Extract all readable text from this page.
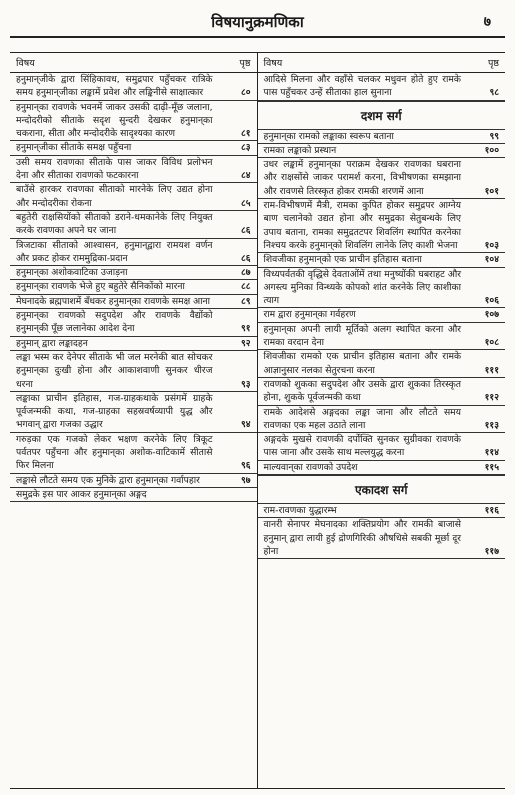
विषयानुक्रमणिका	७
विषय	पृष्ठ
हनुमान्‌जीके द्वारा सिंहिकावध, समुद्रपार पहुँचकर रात्रिके समय हनुमान्‌जीका लङ्कामें प्रवेश और लङ्किनीसे साक्षात्कार	८०
हनुमान्‌का रावणके भवनमें जाकर उसकी दाढ़ी-मूँछ जलाना, मन्दोदरीको सीताके सदृश सुन्दरी देखकर हनुमान्‌का चकराना, सीता और मन्दोदरीके सादृश्यका कारण	८१
हनुमान्‌जीका सीताके समक्ष पहुँचना	८३
उसी समय रावणका सीताके पास जाकर विविध प्रलोभन देना और सीताका रावणको फटकारना	८४
बाउँसे हारकर रावणका सीताको मारनेके लिए उद्यत होना और मन्दोदरीका रोकना	८५
बहुतेरी राक्षसियोंको सीताको डराने-धमकानेके लिए नियुक्त करके रावणका अपने घर जाना	८६
त्रिजटाका सीताको आश्वासन, हनुमान्‌द्वारा रामयश वर्णन और प्रकट होकर राममुद्रिका-प्रदान	८६
हनुमान्‌का अशोकवाटिका उजाड़ना	८७
हनुमान्‌का रावणके भेजे हुए बहुतेरे सैनिकोंको मारना	८८
मेघनादके ब्रह्मपाशमें बँधकर हनुमान्‌का रावणके समक्ष आना	८९
हनुमान्‌का रावणको सदुपदेश और रावणके वैद्योंको हनुमान्‌की पूँछ जलानेका आदेश देना	९१
हनुमान्‌ द्वारा लङ्कादहन	९२
लङ्का भस्म कर देनेपर सीताके भी जल मरनेकी बात सोचकर हनुमान्‌का दुःखी होना और आकाशवाणी सुनकर धीरज धरना	९३
लङ्काका प्राचीन इतिहास, गज-ग्राहकथाके प्रसंगमें ग्राहके पूर्वजन्मकी कथा, गज-ग्राहका सहस्रवर्षव्यापी युद्ध और भगवान्‌ द्वारा गजका उद्धार	९४
गरुड़का एक गजको लेकर भक्षण करनेके लिए त्रिकूट पर्वतपर पहुँचना और हनुमान्‌का अशोक-वाटिकामें सीतासे फिर मिलना	९६
लङ्कासे लौटते समय एक मुनिके द्वारा हनुमान्‌का गर्वापहार	९७
समुद्रके इस पार आकर हनुमान्‌का अङ्गद
विषय	पृष्ठ
आदिसे मिलना और वहाँसे चलकर मधुवन होते हुए रामके पास पहुँचकर उन्हें सीताका हाल सुनाना	९८
दशम सर्ग
हनुमान्‌का रामको लङ्काका स्वरूप बताना	९९
रामका लङ्काको प्रस्थान	१००
उधर लङ्कामें हनुमान्‌का पराक्रम देखकर रावणका घबराना और राक्षसोंसे जाकर परामर्श करना, विभीषणका समझाना और रावणसे तिरस्कृत होकर रामकी शरणमें आना	१०१
राम-विभीषणमें मैत्री, रामका कुपित होकर समुद्रपर आग्नेय बाण चलानेको उद्यत होना और समुद्रका सेतुबन्धके लिए उपाय बताना, रामका समुद्रतटपर शिवलिंग स्थापित करनेका निश्चय करके हनुमान्‌को शिवलिंग लानेके लिए काशी भेजना	१०३
शिवजीका हनुमान्‌को एक प्राचीन इतिहास बताना	१०४
विध्यपर्वतकी वृद्धिसे देवताओंमें तथा मनुष्योंकी घबराहट और अगस्त्य मुनिका विन्ध्यके कोपको शांत करनेके लिए काशीका त्याग	१०६
राम द्वारा हनुमान्‌का गर्वहरण	१०७
हनुमान्‌का अपनी लायी मूर्तिको अलग स्थापित करना और रामका वरदान देना	१०८
शिवजीका रामको एक प्राचीन इतिहास बताना और रामके आज्ञानुसार नलका सेतुरचना करना	१११
रावणको शुकका सदुपदेश और उसके द्वारा शुकका तिरस्कृत होना, शुकके पूर्वजन्मकी कथा	११२
रामके आदेशसे अङ्गदका लङ्का जाना और लौटते समय रावणका एक महल उठाते लाना	११३
अङ्गदके मुखसे रावणकी दर्पोक्ति सुनकर सुग्रीवका रावणके पास जाना और उसके साथ मल्लयुद्ध करना	११४
माल्यवान्‌का रावणको उपदेश	११५
एकादश सर्ग
राम-रावणका युद्धारम्भ	११६
वानरी सेनापर मेघनादका शक्तिप्रयोग और रामकी बाजासे हनुमान्‌ द्वारा लायी हुई द्रोणगिरिकी औषधिसे सबकी मूर्छा दूर होना	११७
